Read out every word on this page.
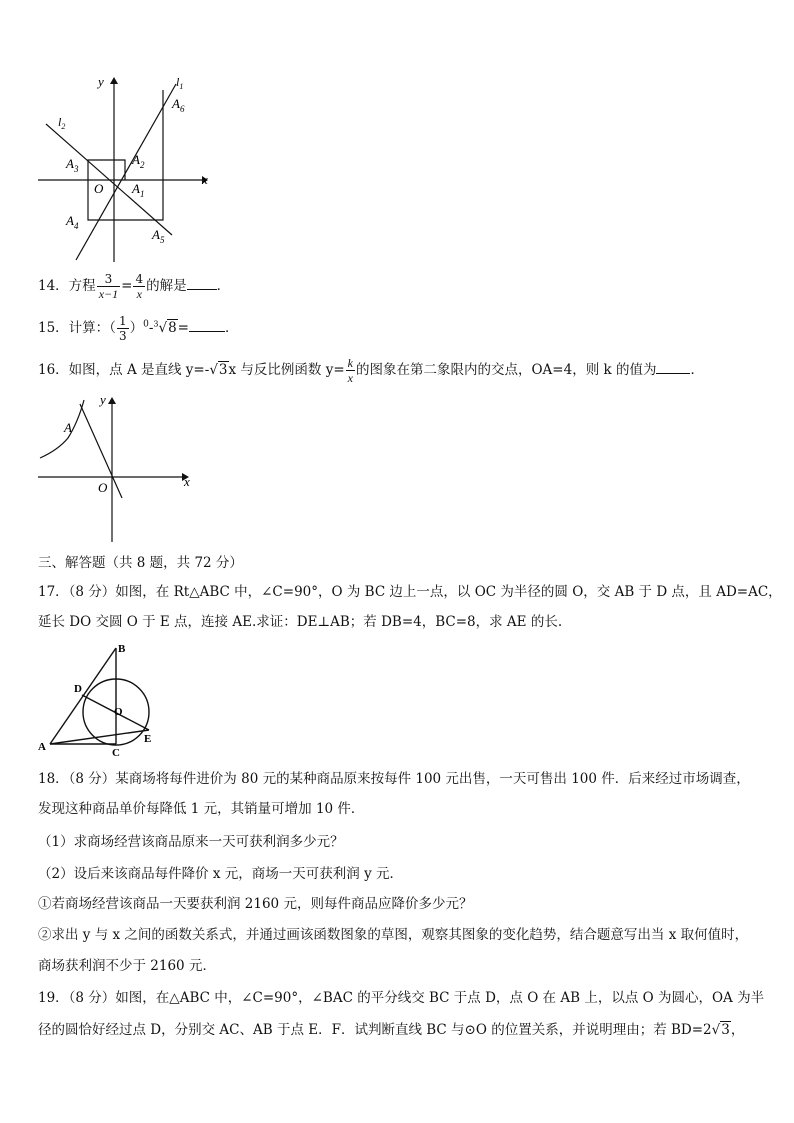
y
x
O
$l_1$
$l_2$
$A_6$
$A_2$
$A_3$
$A_1$
$A_4$
$A_5$
14．方程 $\frac{3}{x-1} = \frac{4}{x}$ 的解是 ．
15．计算：（ $\frac{1}{3} )^0-^3√8=$	．
16．如图，点 A 是直线 y=-√3x 与反比例函数 $y= \frac{k}{x}$ 的图象在第二象限内的交点，OA=4，则 k 的值为	．
y
x
O
A
三、解答题（共 8 题，共 72 分）
17．（8 分）如图，在 Rt△ABC 中，∠C=90°，O 为 BC 边上一点，以 OC 为半径的圆 O，交 AB 于 D 点，且 AD=AC，
延长 DO 交圆 O 于 E 点，连接 AE.求证：DE⊥AB；若 DB=4，BC=8，求 AE 的长.
B
D
O
A	C
E
18．（8 分）某商场将每件进价为 80 元的某种商品原来按每件 100 元出售，一天可售出 100 件．后来经过市场调查，
发现这种商品单价每降低 1 元，其销量可增加 10 件．
（1）求商场经营该商品原来一天可获利润多少元？
（2）设后来该商品每件降价 x 元，商场一天可获利润 y 元．
①若商场经营该商品一天要获利润 2160 元，则每件商品应降价多少元？
②求出 y 与 x 之间的函数关系式，并通过画该函数图象的草图，观察其图象的变化趋势，结合题意写出当 x 取何值时，
商场获利润不少于 2160 元．
19．（8 分）如图，在△ABC 中，∠C=90°，∠BAC 的平分线交 BC 于点 D，点 O 在 AB 上，以点 O 为圆心，OA 为半
径的圆恰好经过点 D，分别交 AC、AB 于点 E．F．试判断直线 BC 与⊙O 的位置关系，并说明理由；若 BD=2√3，
